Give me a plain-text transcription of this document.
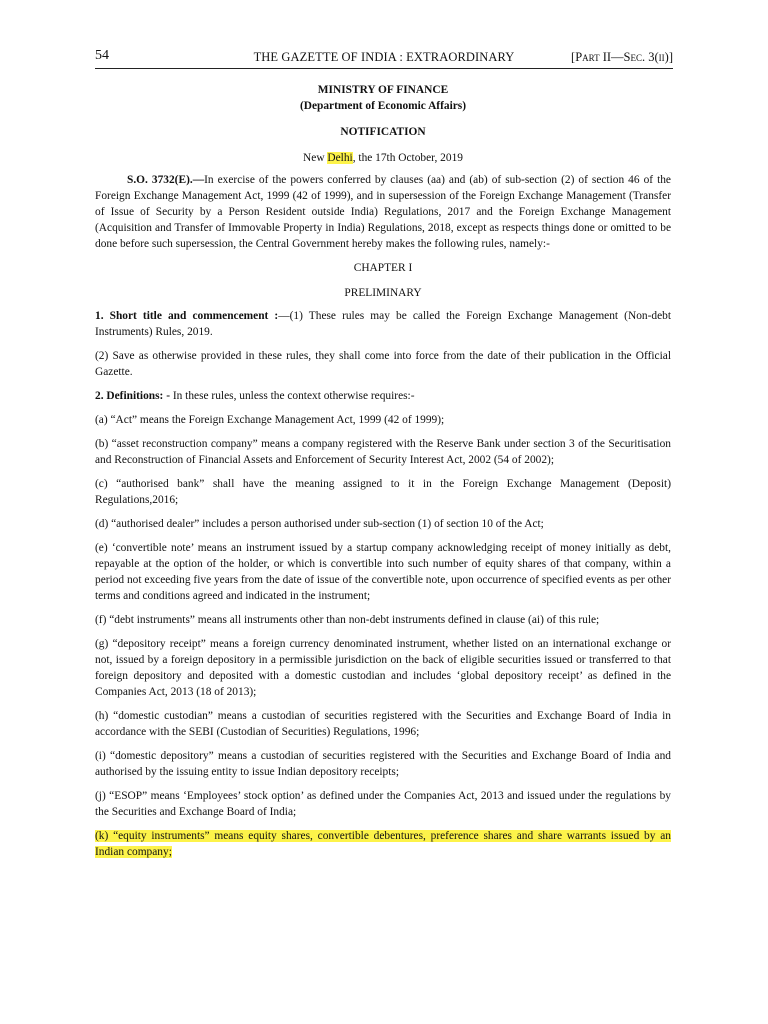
54	THE GAZETTE OF INDIA : EXTRAORDINARY	[Part II—Sec. 3(ii)]
MINISTRY OF FINANCE
(Department of Economic Affairs)
NOTIFICATION
New Delhi, the 17th October, 2019

S.O. 3732(E).—In exercise of the powers conferred by clauses (aa) and (ab) of sub-section (2) of section 46 of the Foreign Exchange Management Act, 1999 (42 of 1999), and in supersession of the Foreign Exchange Management (Transfer of Issue of Security by a Person Resident outside India) Regulations, 2017 and the Foreign Exchange Management (Acquisition and Transfer of Immovable Property in India) Regulations, 2018, except as respects things done or omitted to be done before such supersession, the Central Government hereby makes the following rules, namely:-

CHAPTER I
PRELIMINARY

1. Short title and commencement :—(1) These rules may be called the Foreign Exchange Management (Non-debt Instruments) Rules, 2019.

(2) Save as otherwise provided in these rules, they shall come into force from the date of their publication in the Official Gazette.

2. Definitions: - In these rules, unless the context otherwise requires:-

(a) “Act” means the Foreign Exchange Management Act, 1999 (42 of 1999);

(b) “asset reconstruction company” means a company registered with the Reserve Bank under section 3 of the Securitisation and Reconstruction of Financial Assets and Enforcement of Security Interest Act, 2002 (54 of 2002);

(c) “authorised bank” shall have the meaning assigned to it in the Foreign Exchange Management (Deposit) Regulations,2016;

(d) “authorised dealer” includes a person authorised under sub-section (1) of section 10 of the Act;

(e) ‘convertible note’ means an instrument issued by a startup company acknowledging receipt of money initially as debt, repayable at the option of the holder, or which is convertible into such number of equity shares of that company, within a period not exceeding five years from the date of issue of the convertible note, upon occurrence of specified events as per other terms and conditions agreed and indicated in the instrument;

(f) “debt instruments” means all instruments other than non-debt instruments defined in clause (ai) of this rule;

(g) “depository receipt” means a foreign currency denominated instrument, whether listed on an international exchange or not, issued by a foreign depository in a permissible jurisdiction on the back of eligible securities issued or transferred to that foreign depository and deposited with a domestic custodian and includes ‘global depository receipt’ as defined in the Companies Act, 2013 (18 of 2013);

(h) “domestic custodian” means a custodian of securities registered with the Securities and Exchange Board of India in accordance with the SEBI (Custodian of Securities) Regulations, 1996;

(i) “domestic depository” means a custodian of securities registered with the Securities and Exchange Board of India and authorised by the issuing entity to issue Indian depository receipts;

(j) “ESOP” means ‘Employees’ stock option’ as defined under the Companies Act, 2013 and issued under the regulations by the Securities and Exchange Board of India;

(k) “equity instruments” means equity shares, convertible debentures, preference shares and share warrants issued by an Indian company;
